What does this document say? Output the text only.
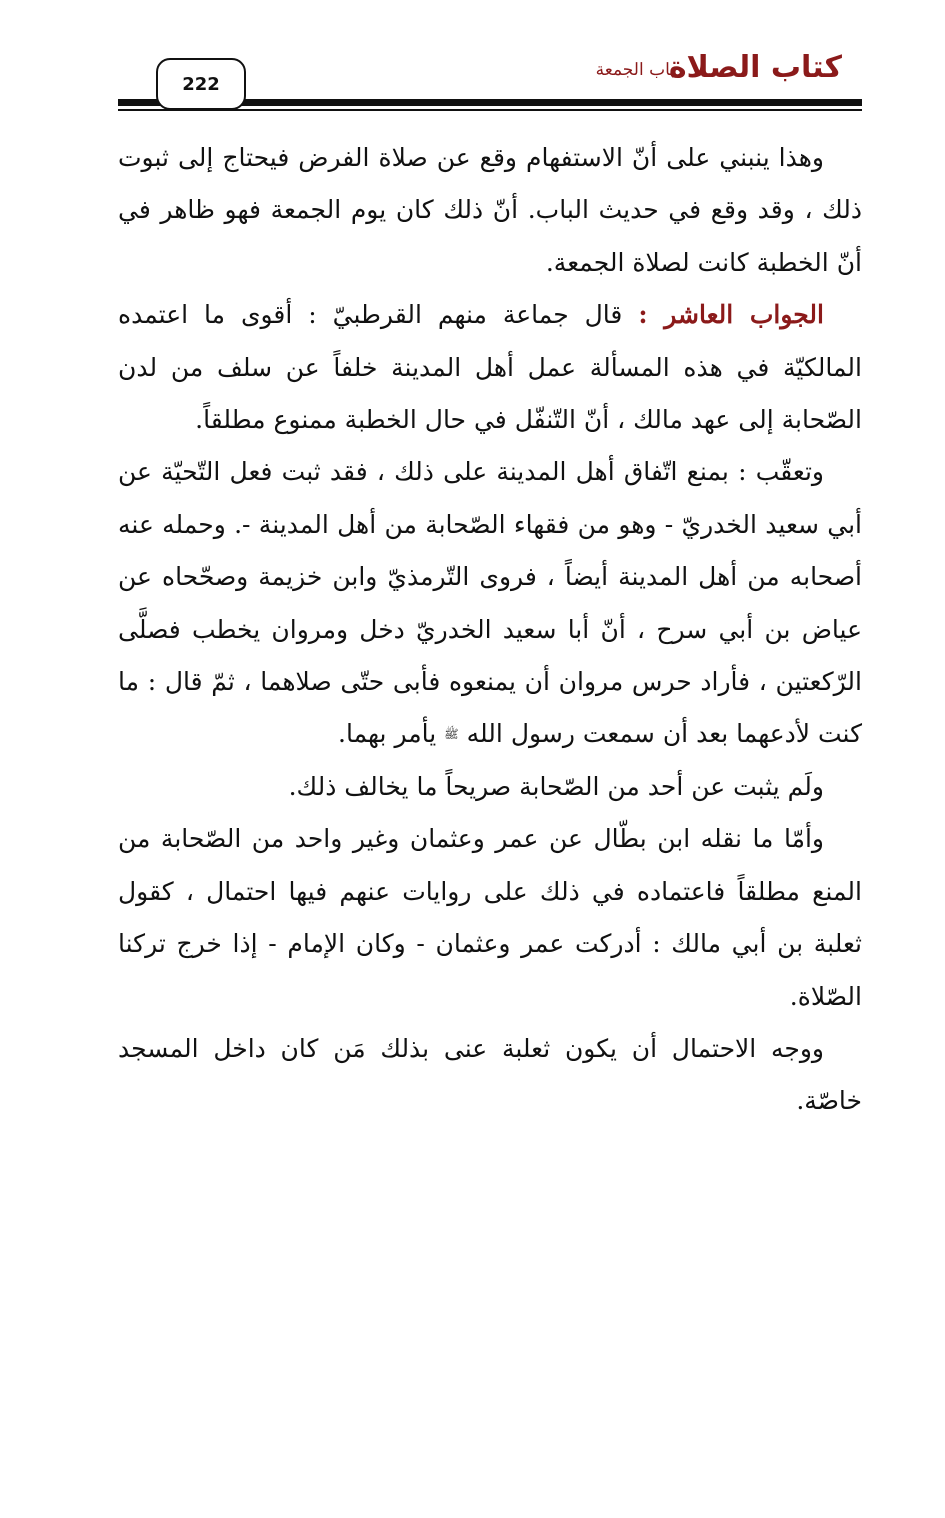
كتاب الصلاة
باب الجمعة
222

وهذا ينبني على أنّ الاستفهام وقع عن صلاة الفرض فيحتاج إلى ثبوت ذلك ، وقد وقع في حديث الباب. أنّ ذلك كان يوم الجمعة فهو ظاهر في أنّ الخطبة كانت لصلاة الجمعة.

الجواب العاشر : قال جماعة منهم القرطبيّ : أقوى ما اعتمده المالكيّة في هذه المسألة عمل أهل المدينة خلفاً عن سلف من لدن الصّحابة إلى عهد مالك ، أنّ التّنفّل في حال الخطبة ممنوع مطلقاً.

وتعقّب : بمنع اتّفاق أهل المدينة على ذلك ، فقد ثبت فعل التّحيّة عن أبي سعيد الخدريّ - وهو من فقهاء الصّحابة من أهل المدينة -. وحمله عنه أصحابه من أهل المدينة أيضاً ، فروى التّرمذيّ وابن خزيمة وصحّحاه عن عياض بن أبي سرح ، أنّ أبا سعيد الخدريّ دخل ومروان يخطب فصلَّى الرّكعتين ، فأراد حرس مروان أن يمنعوه فأبى حتّى صلاهما ، ثمّ قال : ما كنت لأدعهما بعد أن سمعت رسول الله ﷺ يأمر بهما.

ولَم يثبت عن أحد من الصّحابة صريحاً ما يخالف ذلك.

وأمّا ما نقله ابن بطّال عن عمر وعثمان وغير واحد من الصّحابة من المنع مطلقاً فاعتماده في ذلك على روايات عنهم فيها احتمال ، كقول ثعلبة بن أبي مالك : أدركت عمر وعثمان - وكان الإمام - إذا خرج تركنا الصّلاة.

ووجه الاحتمال أن يكون ثعلبة عنى بذلك مَن كان داخل المسجد خاصّة.
